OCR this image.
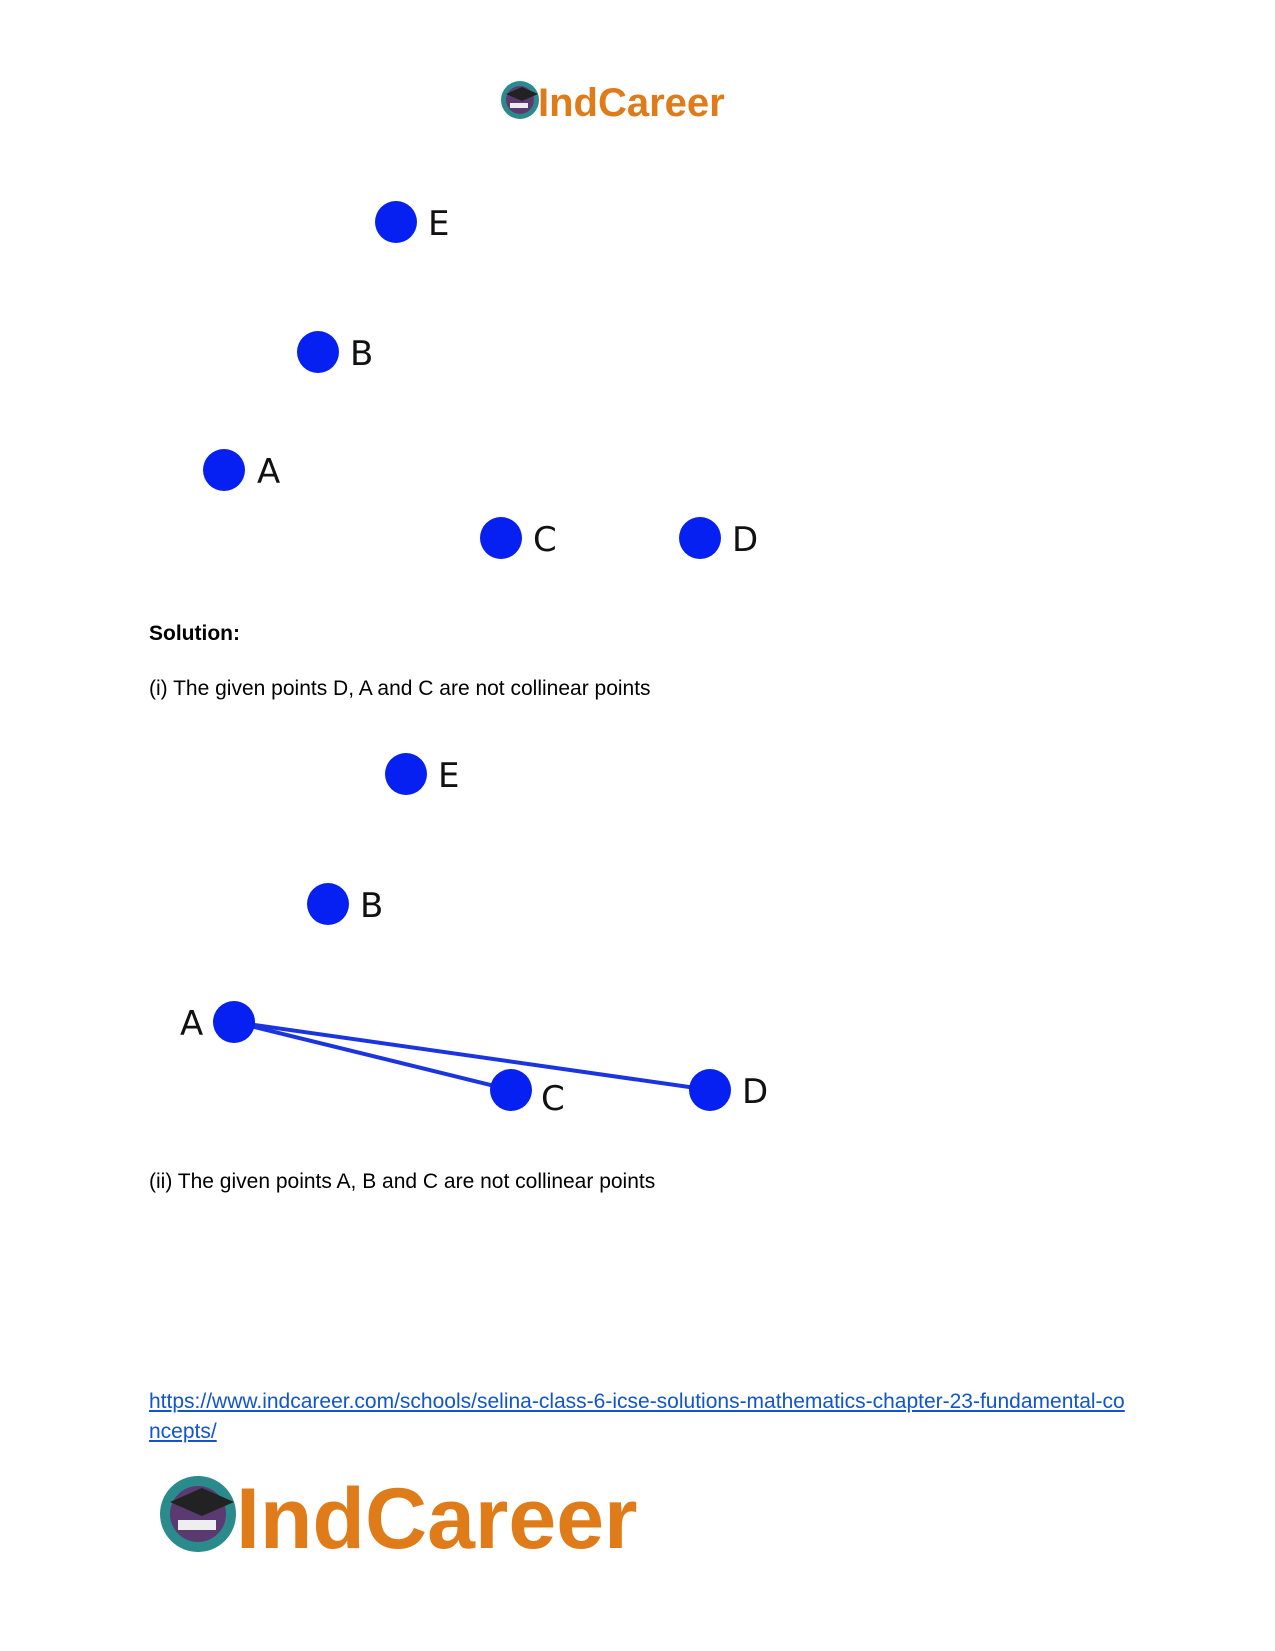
IndCareer
E
B
A
C	D
Solution:
(i) The given points D, A and C are not collinear points
E
B
A
C	D
(ii) The given points A, B and C are not collinear points
https://www.indcareer.com/schools/selina-class-6-icse-solutions-mathematics-chapter-23-fundamental-concepts/
IndCareer
